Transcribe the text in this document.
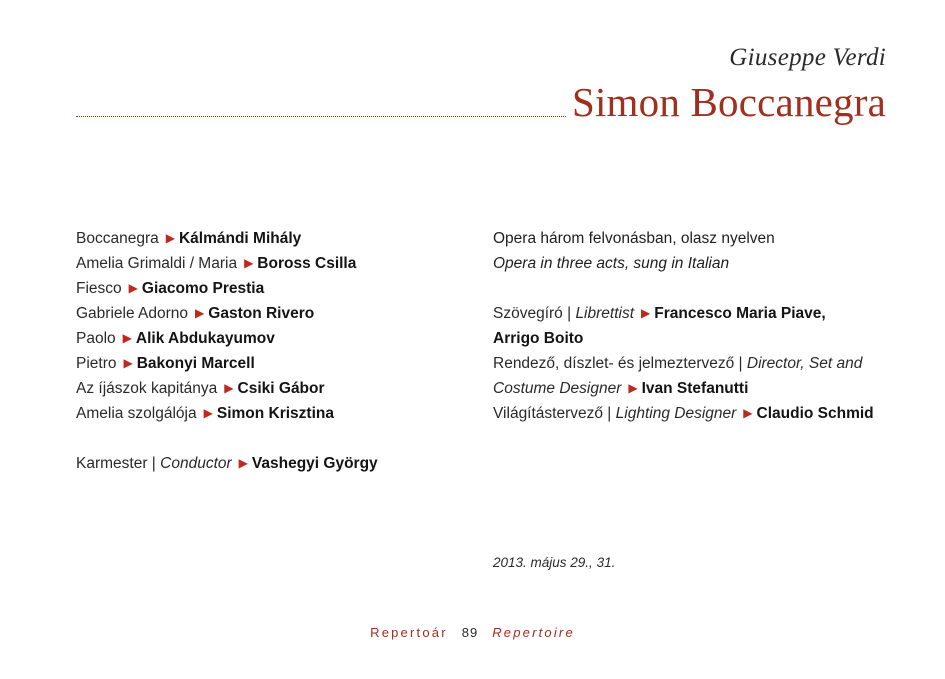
Giuseppe Verdi
Simon Boccanegra
Boccanegra ▶ Kálmándi Mihály
Amelia Grimaldi / Maria ▶ Boross Csilla
Fiesco ▶ Giacomo Prestia
Gabriele Adorno ▶ Gaston Rivero
Paolo ▶ Alik Abdukayumov
Pietro ▶ Bakonyi Marcell
Az íjászok kapitánya ▶ Csiki Gábor
Amelia szolgálója ▶ Simon Krisztina
Karmester | Conductor ▶ Vashegyi György
Opera három felvonásban, olasz nyelven
Opera in three acts, sung in Italian
Szövegíró | Librettist ▶ Francesco Maria Piave,
Arrigo Boito
Rendező, díszlet- és jelmeztervező | Director, Set and
Costume Designer ▶ Ivan Stefanutti
Világítástervező | Lighting Designer ▶ Claudio Schmid
2013. május 29., 31.
Repertoár 89 Repertoire
